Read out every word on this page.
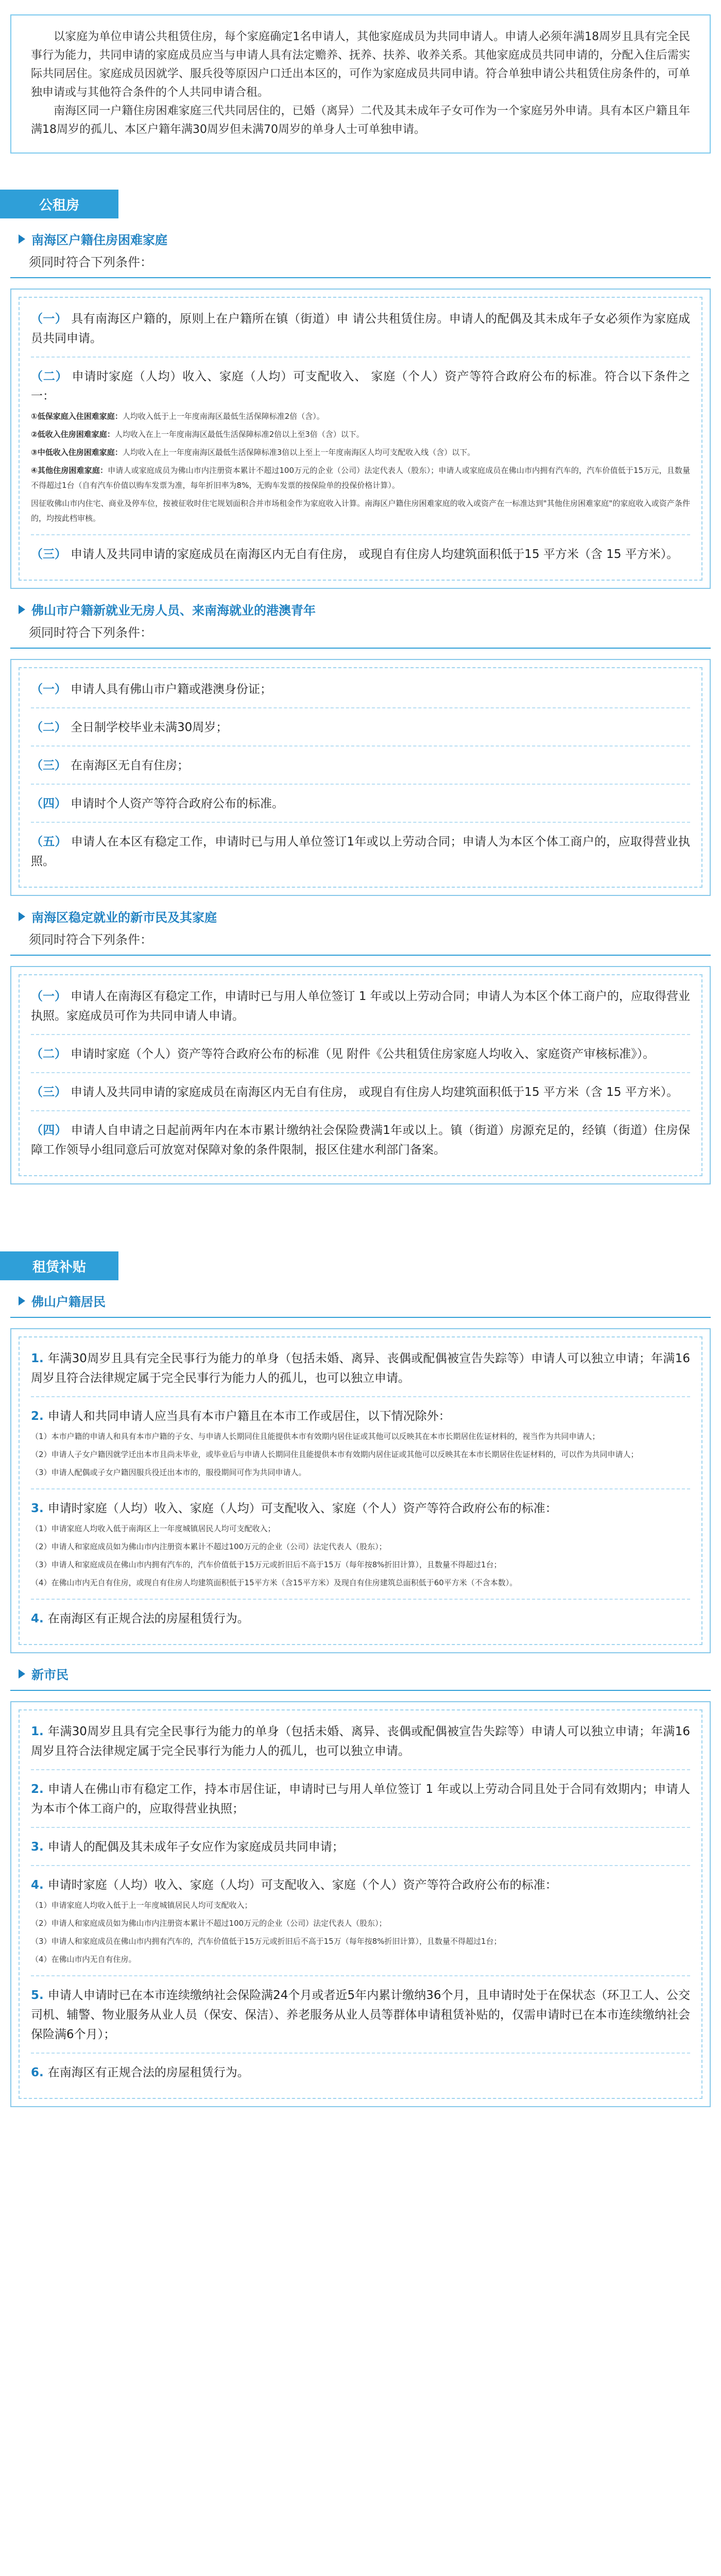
以家庭为单位申请公共租赁住房，每个家庭确定1名申请人，其他家庭成员为共同申请人。申请人必须年满18周岁且具有完全民事行为能力，共同申请的家庭成员应当与申请人具有法定赡养、抚养、扶养、收养关系。其他家庭成员共同申请的，分配入住后需实际共同居住。家庭成员因就学、服兵役等原因户口迁出本区的，可作为家庭成员共同申请。符合单独申请公共租赁住房条件的，可单独申请或与其他符合条件的个人共同申请合租。

南海区同一户籍住房困难家庭三代共同居住的，已婚（离异）二代及其未成年子女可作为一个家庭另外申请。具有本区户籍且年满18周岁的孤儿、本区户籍年满30周岁但未满70周岁的单身人士可单独申请。

公租房
南海区户籍住房困难家庭
须同时符合下列条件：
（一） 具有南海区户籍的，原则上在户籍所在镇（街道）申 请公共租赁住房。申请人的配偶及其未成年子女必须作为家庭成 员共同申请。
（二） 申请时家庭（人均）收入、家庭（人均）可支配收入、 家庭（个人）资产等符合政府公布的标准。符合以下条件之一：
①低保家庭入住困难家庭：人均收入低于上一年度南海区最低生活保障标准2倍（含）。
②低收入住房困难家庭：人均收入在上一年度南海区最低生活保障标准2倍以上至3倍（含）以下。
③中低收入住房困难家庭：人均收入在上一年度南海区最低生活保障标准3倍以上至上一年度南海区人均可支配收入线（含）以下。
④其他住房困难家庭：申请人或家庭成员为佛山市内注册资本累计不超过100万元的企业（公司）法定代表人（股东）；申请人或家庭成员在佛山市内拥有汽车的，汽车价值低于15万元，且数量不得超过1台（自有汽车价值以购车发票为准，每年折旧率为8%，无购车发票的按保险单的投保价格计算）。
因征收佛山市内住宅、商业及停车位，按被征收时住宅规划面积合并市场租金作为家庭收入计算。南海区户籍住房困难家庭的收入或资产在一标准达到"其他住房困难家庭"的家庭收入或资产条件的，均按此档审核。
（三） 申请人及共同申请的家庭成员在南海区内无自有住房， 或现自有住房人均建筑面积低于15 平方米（含 15 平方米）。
佛山市户籍新就业无房人员、来南海就业的港澳青年
须同时符合下列条件：
（一） 申请人具有佛山市户籍或港澳身份证；
（二） 全日制学校毕业未满30周岁；
（三） 在南海区无自有住房；
（四） 申请时个人资产等符合政府公布的标准。
（五） 申请人在本区有稳定工作，申请时已与用人单位签订1年或以上劳动合同；申请人为本区个体工商户的，应取得营业执照。
南海区稳定就业的新市民及其家庭
须同时符合下列条件：
（一） 申请人在南海区有稳定工作，申请时已与用人单位签订 1 年或以上劳动合同；申请人为本区个体工商户的，应取得营业执照。家庭成员可作为共同申请人申请。
（二） 申请时家庭（个人）资产等符合政府公布的标准（见 附件《公共租赁住房家庭人均收入、家庭资产审核标准》）。
（三） 申请人及共同申请的家庭成员在南海区内无自有住房， 或现自有住房人均建筑面积低于15 平方米（含 15 平方米）。
（四） 申请人自申请之日起前两年内在本市累计缴纳社会保险费满1年或以上。镇（街道）房源充足的，经镇（街道）住房保障工作领导小组同意后可放宽对保障对象的条件限制，报区住建水利部门备案。
租赁补贴
佛山户籍居民
1. 年满30周岁且具有完全民事行为能力的单身（包括未婚、离异、丧偶或配偶被宣告失踪等）申请人可以独立申请；年满16周岁且符合法律规定属于完全民事行为能力人的孤儿，也可以独立申请。
2. 申请人和共同申请人应当具有本市户籍且在本市工作或居住，以下情况除外：
（1）本市户籍的申请人和具有本市户籍的子女、与申请人长期同住且能提供本市有效期内居住证或其他可以反映其在本市长期居住佐证材料的，视当作为共同申请人；
（2）申请人子女户籍因就学迁出本市且尚未毕业，或毕业后与申请人长期同住且能提供本市有效期内居住证或其他可以反映其在本市长期居住佐证材料的，可以作为共同申请人；
（3）申请人配偶或子女户籍因服兵役迁出本市的，服役期间可作为共同申请人。
3. 申请时家庭（人均）收入、家庭（人均）可支配收入、家庭（个人）资产等符合政府公布的标准：
（1）申请家庭人均收入低于南海区上一年度城镇居民人均可支配收入；
（2）申请人和家庭成员如为佛山市内注册资本累计不超过100万元的企业（公司）法定代表人（股东）；
（3）申请人和家庭成员在佛山市内拥有汽车的，汽车价值低于15万元或折旧后不高于15万（每年按8%折旧计算），且数量不得超过1台；
（4）在佛山市内无自有住房，或现自有住房人均建筑面积低于15平方米（含15平方米）及现自有住房建筑总面积低于60平方米（不含本数）。
4. 在南海区有正规合法的房屋租赁行为。
新市民
1. 年满30周岁且具有完全民事行为能力的单身（包括未婚、离异、丧偶或配偶被宣告失踪等）申请人可以独立申请；年满16周岁且符合法律规定属于完全民事行为能力人的孤儿，也可以独立申请。
2. 申请人在佛山市有稳定工作，持本市居住证，申请时已与用人单位签订 1 年或以上劳动合同且处于合同有效期内；申请人为本市个体工商户的，应取得营业执照；
3. 申请人的配偶及其未成年子女应作为家庭成员共同申请；
4. 申请时家庭（人均）收入、家庭（人均）可支配收入、家庭（个人）资产等符合政府公布的标准：
（1）申请家庭人均收入低于上一年度城镇居民人均可支配收入；
（2）申请人和家庭成员如为佛山市内注册资本累计不超过100万元的企业（公司）法定代表人（股东）；
（3）申请人和家庭成员在佛山市内拥有汽车的，汽车价值低于15万元或折旧后不高于15万（每年按8%折旧计算），且数量不得超过1台；
（4）在佛山市内无自有住房。
5. 申请人申请时已在本市连续缴纳社会保险满24个月或者近5年内累计缴纳36个月，且申请时处于在保状态（环卫工人、公交司机、辅警、物业服务从业人员（保安、保洁）、养老服务从业人员等群体申请租赁补贴的，仅需申请时已在本市连续缴纳社会保险满6个月）；
6. 在南海区有正规合法的房屋租赁行为。
